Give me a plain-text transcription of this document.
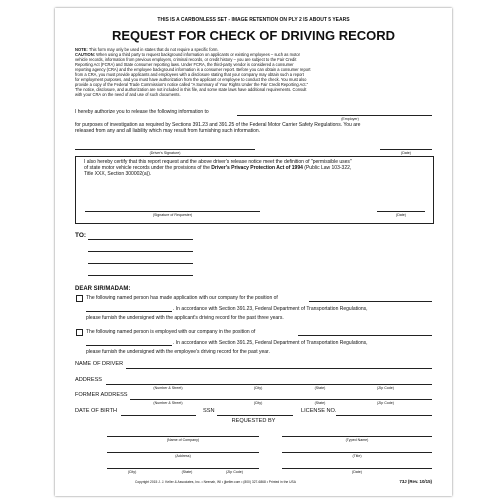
THIS IS A CARBONLESS SET - IMAGE RETENTION ON PLY 2 IS ABOUT 5 YEARS
REQUEST FOR CHECK OF DRIVING RECORD
NOTE: This form may only be used in states that do not require a specific form.
CAUTION: When using a third party to request background information on applicants or existing employees – such as motor
vehicle records, information from previous employers, criminal records, or credit history – you are subject to the Fair Credit
Reporting Act (FCRA) and State consumer reporting laws. Under FCRA, the third-party vendor is considered a consumer
reporting agency (CRA) and the employee background information is a consumer report. Before you can obtain a consumer report
from a CRA, you must provide applicants and employees with a disclosure stating that your company may obtain such a report
for employment purposes, and you must have authorization from the applicant or employee to conduct the check. You must also
provide a copy of the Federal Trade Commission's notice called "A Summary of Your Rights Under the Fair Credit Reporting Act."
The notice, disclosure, and authorization are not included in this file, and some state laws have additional requirements. Consult
with your CRA on the need of and use of such documents.
I hereby authorize you to release the following information to
(Employer)
for purposes of investigation as required by Sections 391.23 and 391.25 of the Federal Motor Carrier Safety Regulations. You are
released from any and all liability which may result from furnishing such information.
(Driver's Signature)	(Date)
I also hereby certify that this report request and the above driver's release notice meet the definition of "permissible uses"
of state motor vehicle records under the provisions of the Driver's Privacy Protection Act of 1994 (Public Law 103-322,
Title XXX, Section 300002(a)).
(Signature of Requester)	(Date)
TO:
DEAR SIR/MADAM:
The following named person has made application with our company for the position of
. In accordance with Section 391.23, Federal Department of Transportation Regulations,
please furnish the undersigned with the applicant's driving record for the past three years.
The following named person is employed with our company in the position of
. In accordance with Section 391.25, Federal Department of Transportation Regulations,
please furnish the undersigned with the employee's driving record for the past year.
NAME OF DRIVER
ADDRESS
(Number & Street)	(City)	(State)	(Zip Code)
FORMER ADDRESS
(Number & Street)	(City)	(State)	(Zip Code)
DATE OF BIRTH	SSN	LICENSE NO.
REQUESTED BY
(Name of Company)	(Typed Name)
(Address)	(Title)
(City)	(State)	(Zip Code)	(Date)
Copyright 2015 J. J. Keller & Associates, Inc. • Neenah, WI • jjkeller.com • (800) 327-6868 • Printed in the USA	73J (Rev. 10/15)
